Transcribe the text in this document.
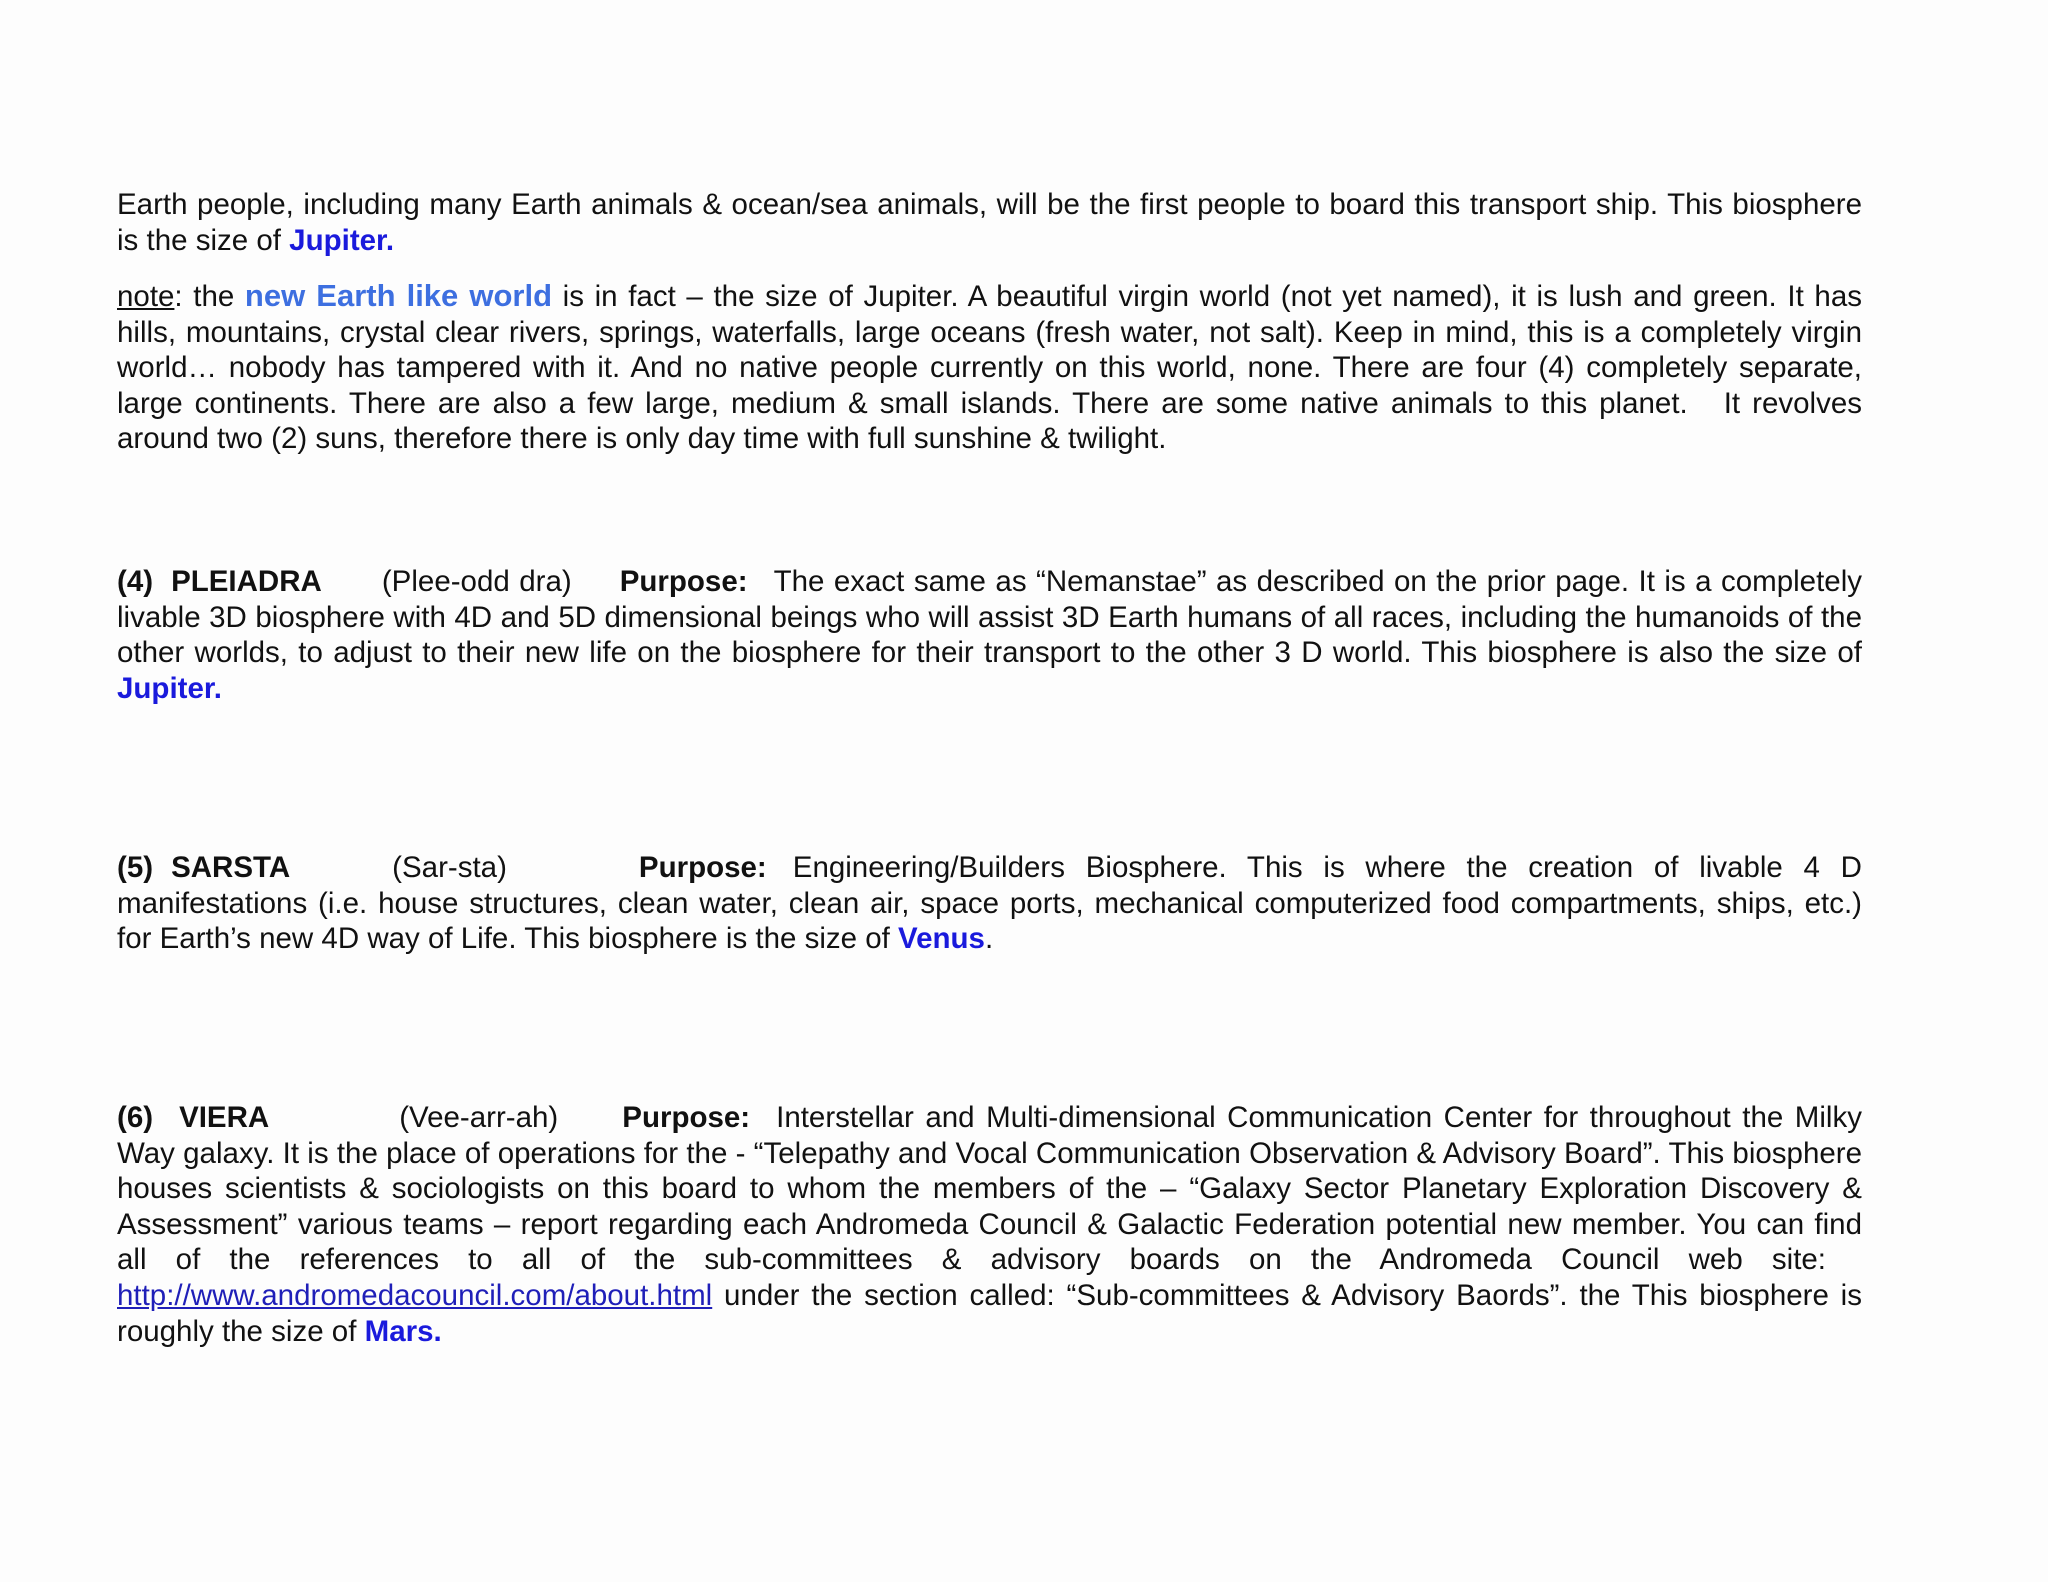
Earth people, including many Earth animals & ocean/sea animals, will be the first people to board this transport ship. This biosphere is the size of Jupiter.

note: the new Earth like world is in fact – the size of Jupiter. A beautiful virgin world (not yet named), it is lush and green. It has hills, mountains, crystal clear rivers, springs, waterfalls, large oceans (fresh water, not salt). Keep in mind, this is a completely virgin world… nobody has tampered with it. And no native people currently on this world, none. There are four (4) completely separate, large continents. There are also a few large, medium & small islands. There are some native animals to this planet. It revolves around two (2) suns, therefore there is only day time with full sunshine & twilight.

(4) PLEIADRA (Plee-odd dra) Purpose: The exact same as “Nemanstae” as described on the prior page. It is a completely livable 3D biosphere with 4D and 5D dimensional beings who will assist 3D Earth humans of all races, including the humanoids of the other worlds, to adjust to their new life on the biosphere for their transport to the other 3 D world. This biosphere is also the size of Jupiter.

(5) SARSTA	(Sar-sta)	Purpose: Engineering/Builders Biosphere. This is where the creation of livable 4 D manifestations (i.e. house structures, clean water, clean air, space ports, mechanical computerized food compartments, ships, etc.) for Earth’s new 4D way of Life. This biosphere is the size of Venus.

(6) VIERA	(Vee-arr-ah) Purpose: Interstellar and Multi-dimensional Communication Center for throughout the Milky Way galaxy. It is the place of operations for the - “Telepathy and Vocal Communication Observation & Advisory Board”. This biosphere houses scientists & sociologists on this board to whom the members of the – “Galaxy Sector Planetary Exploration Discovery & Assessment” various teams – report regarding each Andromeda Council & Galactic Federation potential new member. You can find all of the references to all of the sub-committees & advisory boards on the Andromeda Council web site:http://www.andromedacouncil.com/about.html under the section called: “Sub-committees & Advisory Baords”. the This biosphere is roughly the size of Mars.
